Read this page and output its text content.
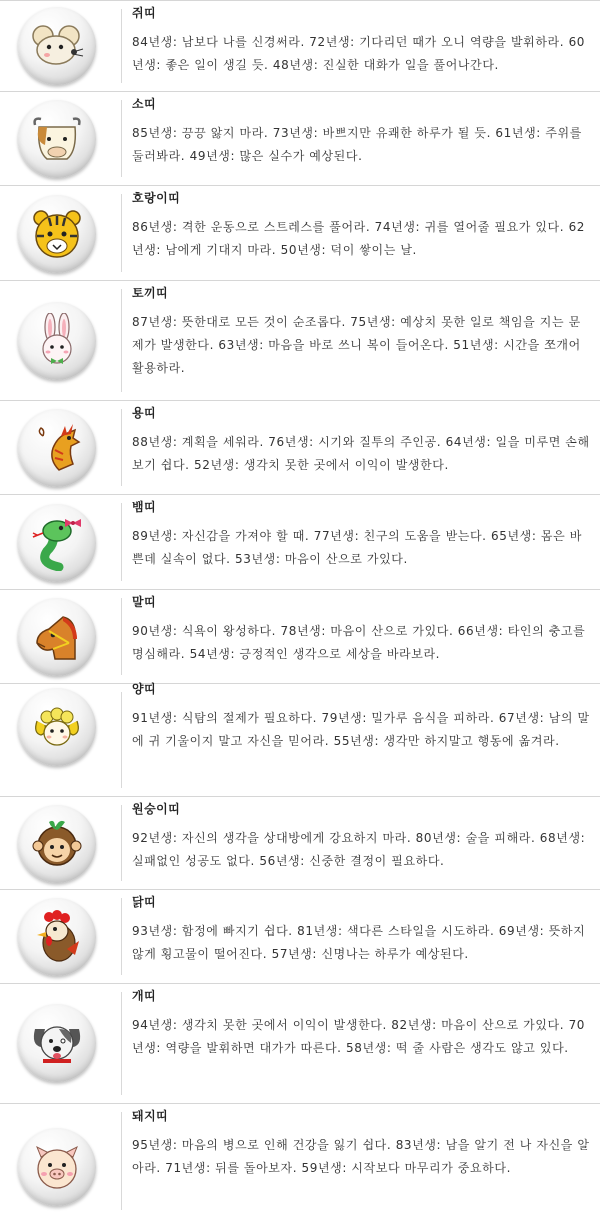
쥐띠
84년생: 남보다 나를 신경써라. 72년생: 기다리던 때가 오니 역량을 발휘하라. 60년생: 좋은 일이 생길 듯. 48년생: 진실한 대화가 일을 풀어나간다.
소띠
85년생: 끙끙 앓지 마라. 73년생: 바쁘지만 유쾌한 하루가 될 듯. 61년생: 주위를 둘러봐라. 49년생: 많은 실수가 예상된다.
호랑이띠
86년생: 격한 운동으로 스트레스를 풀어라. 74년생: 귀를 열어줄 필요가 있다. 62년생: 남에게 기대지 마라. 50년생: 덕이 쌓이는 날.
토끼띠
87년생: 뜻한대로 모든 것이 순조롭다. 75년생: 예상치 못한 일로 책임을 지는 문제가 발생한다. 63년생: 마음을 바로 쓰니 복이 들어온다. 51년생: 시간을 쪼개어 활용하라.
용띠
88년생: 계획을 세워라. 76년생: 시기와 질투의 주인공. 64년생: 일을 미루면 손해보기 쉽다. 52년생: 생각치 못한 곳에서 이익이 발생한다.
뱀띠
89년생: 자신감을 가져야 할 때. 77년생: 친구의 도움을 받는다. 65년생: 몸은 바쁜데 실속이 없다. 53년생: 마음이 산으로 가있다.
말띠
90년생: 식욕이 왕성하다. 78년생: 마음이 산으로 가있다. 66년생: 타인의 충고를 명심해라. 54년생: 긍정적인 생각으로 세상을 바라보라.
양띠
91년생: 식탐의 절제가 필요하다. 79년생: 밀가루 음식을 피하라. 67년생: 남의 말에 귀 기울이지 말고 자신을 믿어라. 55년생: 생각만 하지말고 행동에 옮겨라.
원숭이띠
92년생: 자신의 생각을 상대방에게 강요하지 마라. 80년생: 술을 피해라. 68년생: 실패없인 성공도 없다. 56년생: 신중한 결정이 필요하다.
닭띠
93년생: 함정에 빠지기 쉽다. 81년생: 색다른 스타일을 시도하라. 69년생: 뜻하지 않게 횡고물이 떨어진다. 57년생: 신명나는 하루가 예상된다.
개띠
94년생: 생각치 못한 곳에서 이익이 발생한다. 82년생: 마음이 산으로 가있다. 70년생: 역량을 발휘하면 대가가 따른다. 58년생: 떡 줄 사람은 생각도 않고 있다.
돼지띠
95년생: 마음의 병으로 인해 건강을 잃기 쉽다. 83년생: 남을 알기 전 나 자신을 알아라. 71년생: 뒤를 돌아보자. 59년생: 시작보다 마무리가 중요하다.
